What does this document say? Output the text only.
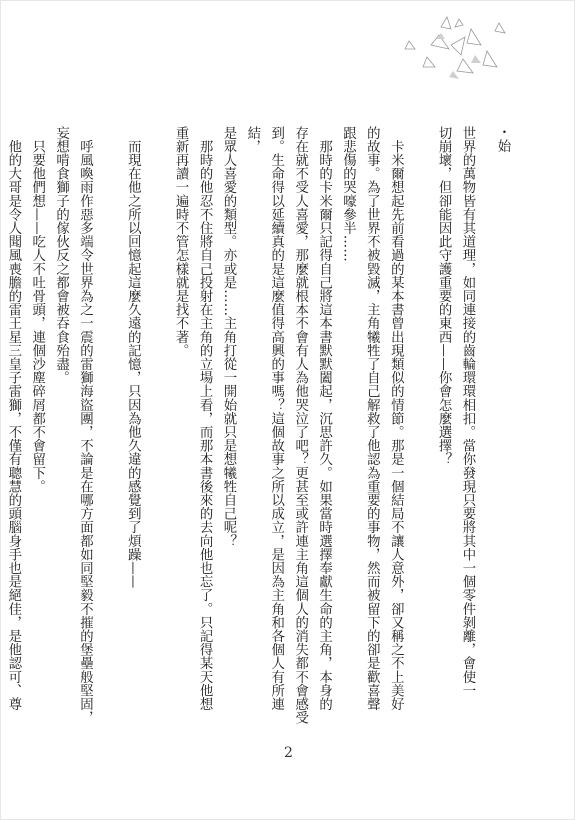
・始

世界的萬物皆有其道理，如同連接的齒輪環環相扣。當你發現只要將其中一個零件剝離，會使一

切崩壞，但卻能因此守護重要的東西——你會怎麼選擇？

　卡米爾想起先前看過的某本書曾出現類似的情節。那是一個結局不讓人意外，卻又稱之不上美好

的故事。為了世界不被毀滅，主角犧牲了自己解救了他認為重要的事物，然而被留下的卻是歡喜聲

跟悲傷的哭嚎參半……

　那時的卡米爾只記得自己將這本書默默闔起，沉思許久。如果當時選擇奉獻生命的主角，本身的

存在就不受人喜愛，那麼就根本不會有人為他哭泣了吧？更甚至或許連主角這個人的消失都不會感受

到。生命得以延續真的是這麼值得高興的事嗎？這個故事之所以成立，是因為主角和各個人有所連結，

是眾人喜愛的類型。亦或是……主角打從一開始就只是想犧牲自己呢？

　那時的他忍不住將自己投射在主角的立場上看，而那本書後來的去向他也忘了。只記得某天他想

重新再讀一遍時不管怎樣就是找不著。

　而現在他之所以回憶起這麼久遠的記憶，只因為他久違的感覺到了煩躁——

　呼風喚雨作惡多端令世界為之一震的雷獅海盜團，不論是在哪方面都如同堅毅不摧的堡壘般堅固，

妄想啃食獅子的傢伙反之都會被吞食殆盡。

　只要他們想——吃人不吐骨頭，連個沙塵碎屑都不會留下。

　他的大哥是令人聞風喪膽的雷王星三皇子雷獅，不僅有聰慧的頭腦身手也是絕佳，是他認可、尊

2
